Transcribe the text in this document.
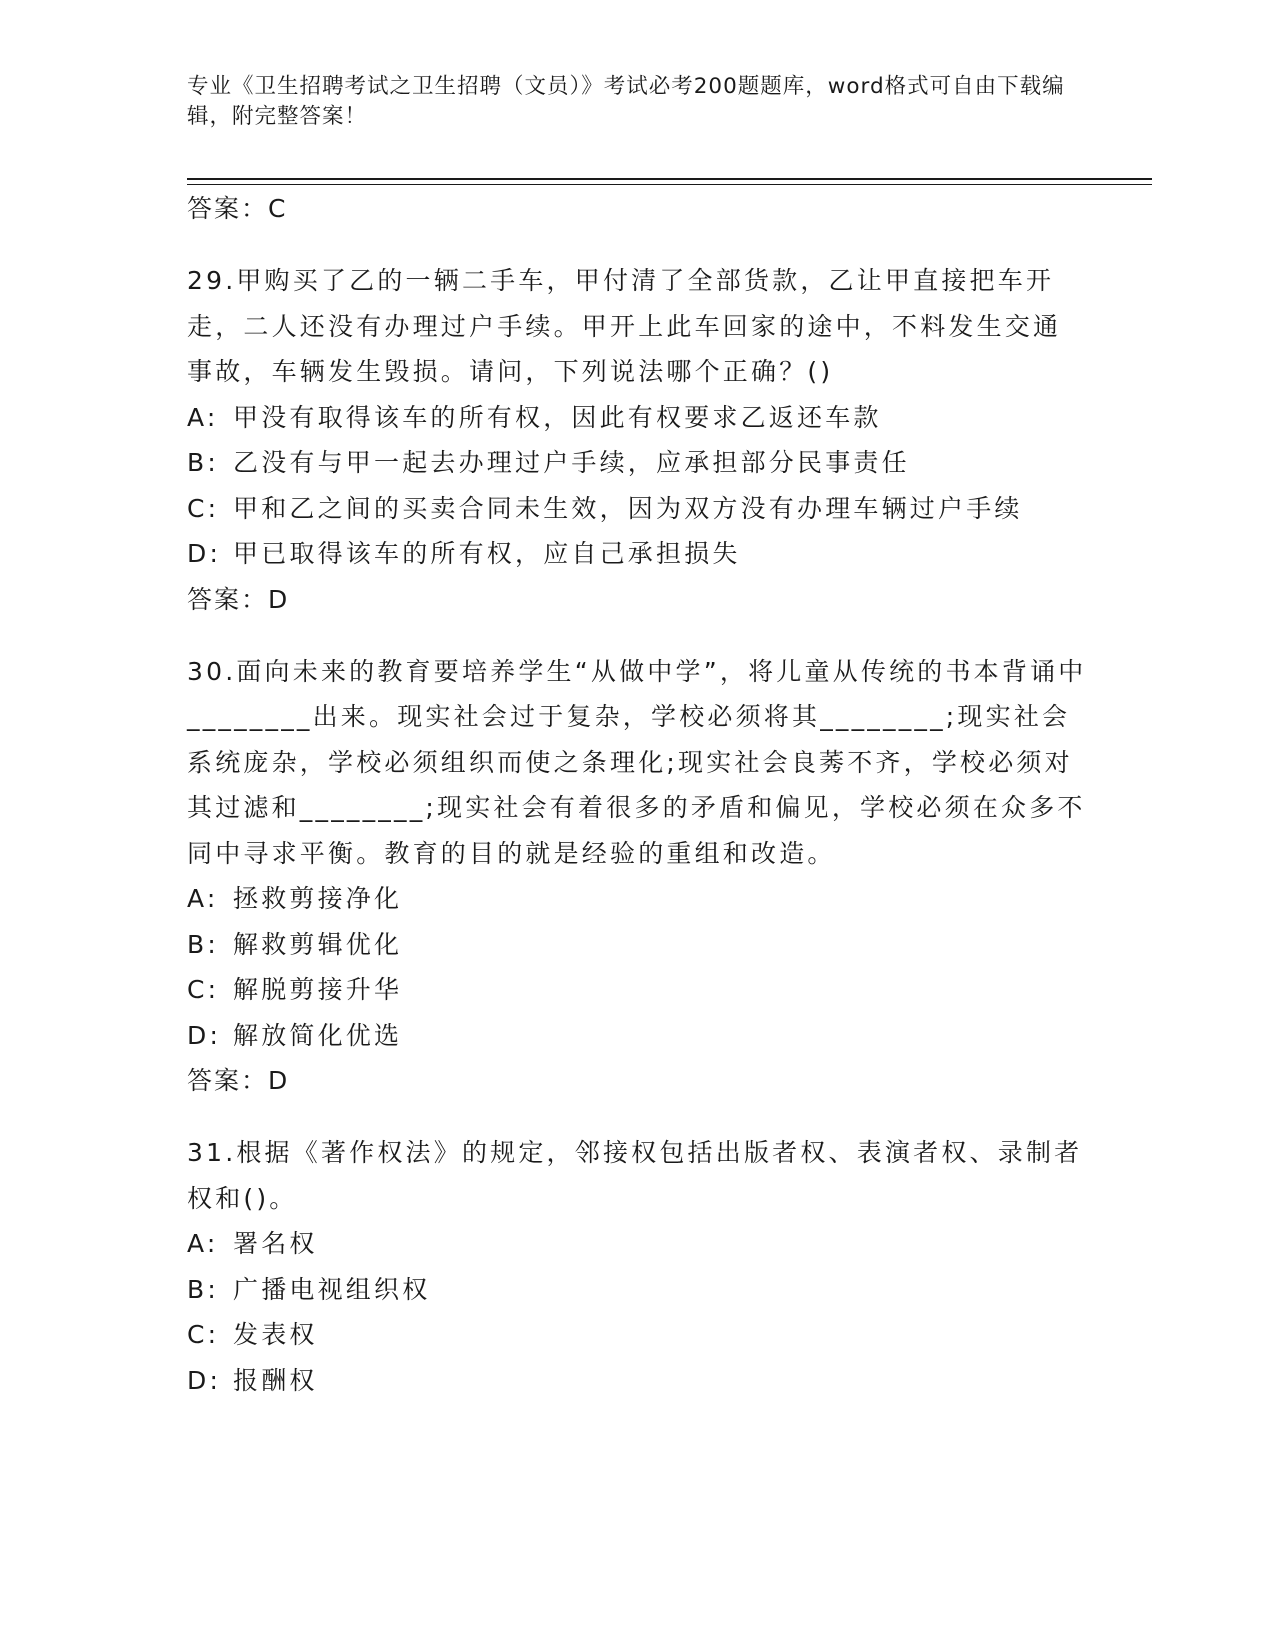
专业《卫生招聘考试之卫生招聘（文员）》考试必考200题题库，word格式可自由下载编辑，附完整答案！
答案：C
29.甲购买了乙的一辆二手车，甲付清了全部货款，乙让甲直接把车开走，二人还没有办理过户手续。甲开上此车回家的途中，不料发生交通事故，车辆发生毁损。请问，下列说法哪个正确？()
A: 甲没有取得该车的所有权，因此有权要求乙返还车款
B: 乙没有与甲一起去办理过户手续，应承担部分民事责任
C: 甲和乙之间的买卖合同未生效，因为双方没有办理车辆过户手续
D: 甲已取得该车的所有权，应自己承担损失
答案：D
30.面向未来的教育要培养学生“从做中学”，将儿童从传统的书本背诵中________出来。现实社会过于复杂，学校必须将其________;现实社会系统庞杂，学校必须组织而使之条理化;现实社会良莠不齐，学校必须对其过滤和________;现实社会有着很多的矛盾和偏见，学校必须在众多不同中寻求平衡。教育的目的就是经验的重组和改造。
A: 拯救剪接净化
B: 解救剪辑优化
C: 解脱剪接升华
D: 解放简化优选
答案：D
31.根据《著作权法》的规定，邻接权包括出版者权、表演者权、录制者权和()。
A: 署名权
B: 广播电视组织权
C: 发表权
D: 报酬权
